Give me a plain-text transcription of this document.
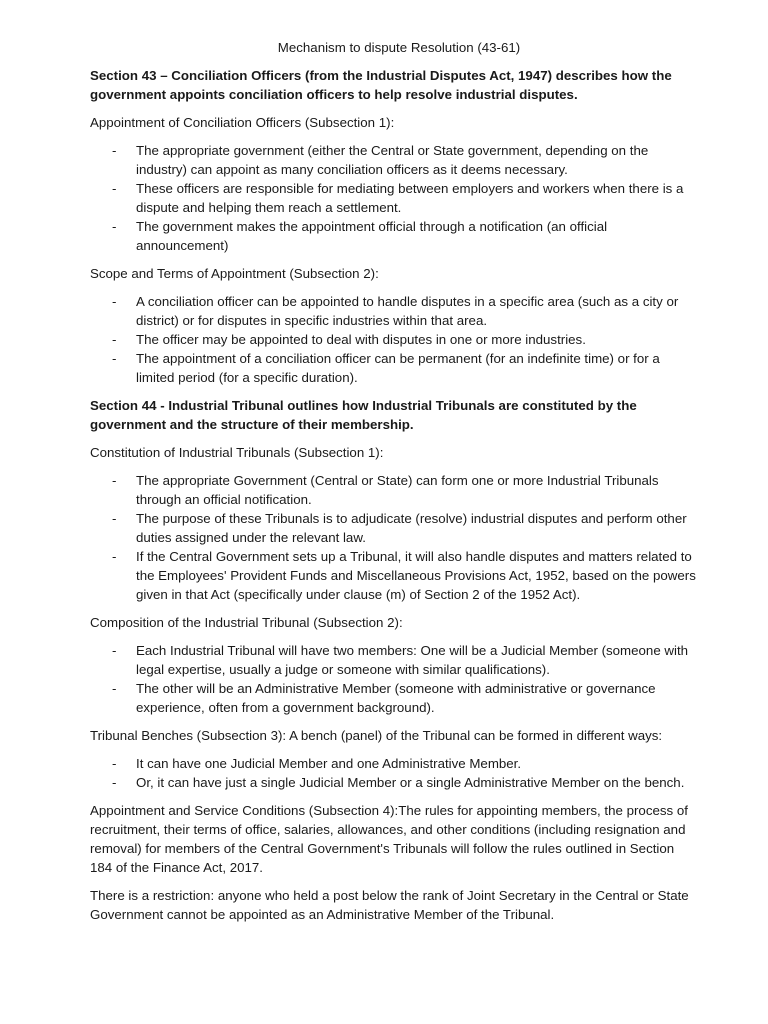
Mechanism to dispute Resolution (43-61)
Section 43 – Conciliation Officers (from the Industrial Disputes Act, 1947) describes how the government appoints conciliation officers to help resolve industrial disputes.
Appointment of Conciliation Officers (Subsection 1):
- The appropriate government (either the Central or State government, depending on the industry) can appoint as many conciliation officers as it deems necessary.
- These officers are responsible for mediating between employers and workers when there is a dispute and helping them reach a settlement.
- The government makes the appointment official through a notification (an official announcement)
Scope and Terms of Appointment (Subsection 2):
- A conciliation officer can be appointed to handle disputes in a specific area (such as a city or district) or for disputes in specific industries within that area.
- The officer may be appointed to deal with disputes in one or more industries.
- The appointment of a conciliation officer can be permanent (for an indefinite time) or for a limited period (for a specific duration).
Section 44 - Industrial Tribunal outlines how Industrial Tribunals are constituted by the government and the structure of their membership.
Constitution of Industrial Tribunals (Subsection 1):
- The appropriate Government (Central or State) can form one or more Industrial Tribunals through an official notification.
- The purpose of these Tribunals is to adjudicate (resolve) industrial disputes and perform other duties assigned under the relevant law.
- If the Central Government sets up a Tribunal, it will also handle disputes and matters related to the Employees' Provident Funds and Miscellaneous Provisions Act, 1952, based on the powers given in that Act (specifically under clause (m) of Section 2 of the 1952 Act).
Composition of the Industrial Tribunal (Subsection 2):
- Each Industrial Tribunal will have two members: One will be a Judicial Member (someone with legal expertise, usually a judge or someone with similar qualifications).
- The other will be an Administrative Member (someone with administrative or governance experience, often from a government background).
Tribunal Benches (Subsection 3): A bench (panel) of the Tribunal can be formed in different ways:
- It can have one Judicial Member and one Administrative Member.
- Or, it can have just a single Judicial Member or a single Administrative Member on the bench.
Appointment and Service Conditions (Subsection 4):The rules for appointing members, the process of recruitment, their terms of office, salaries, allowances, and other conditions (including resignation and removal) for members of the Central Government's Tribunals will follow the rules outlined in Section 184 of the Finance Act, 2017.
There is a restriction: anyone who held a post below the rank of Joint Secretary in the Central or State Government cannot be appointed as an Administrative Member of the Tribunal.
